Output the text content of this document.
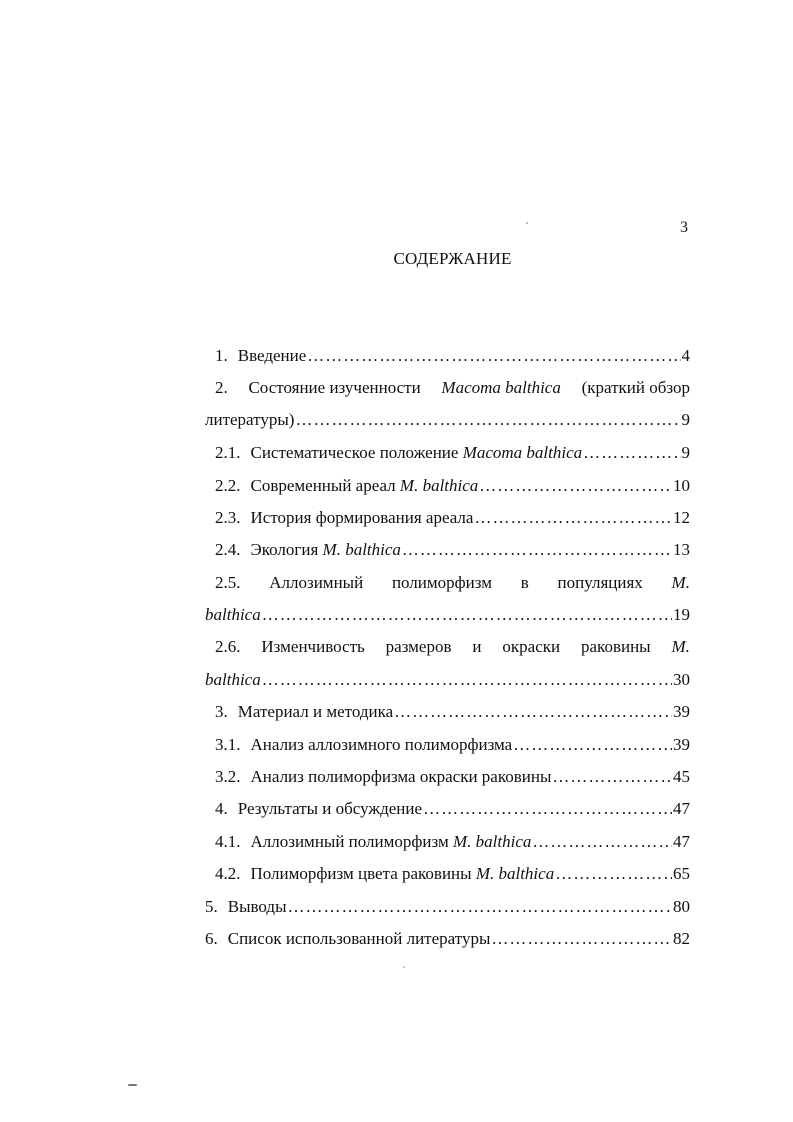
3
СОДЕРЖАНИЕ
1. Введение …………………………………………………………………………………………………………………………………………	4
2. Состояние изученности Macoma balthica (краткий обзор
литературы) …………………………………………………………………………………………………………………………………………	9
2.1. Систематическое положение Macoma balthica …………………………………………………………………………………………………………………………………………	9
2.2. Современный ареал M. balthica …………………………………………………………………………………………………………………………………………	10
2.3. История формирования ареала …………………………………………………………………………………………………………………………………………	12
2.4. Экология M. balthica …………………………………………………………………………………………………………………………………………	13
2.5. Аллозимный полиморфизм в популяциях M.
balthica …………………………………………………………………………………………………………………………………………	19
2.6. Изменчивость размеров и окраски раковины M.
balthica …………………………………………………………………………………………………………………………………………	30
3. Материал и методика …………………………………………………………………………………………………………………………………………	39
3.1. Анализ аллозимного полиморфизма …………………………………………………………………………………………………………………………………………	39
3.2. Анализ полиморфизма окраски раковины …………………………………………………………………………………………………………………………………………	45
4. Результаты и обсуждение …………………………………………………………………………………………………………………………………………	47
4.1. Аллозимный полиморфизм M. balthica …………………………………………………………………………………………………………………………………………	47
4.2. Полиморфизм цвета раковины M. balthica …………………………………………………………………………………………………………………………………………	65
5. Выводы …………………………………………………………………………………………………………………………………………	80
6. Список использованной литературы …………………………………………………………………………………………………………………………………………	82
